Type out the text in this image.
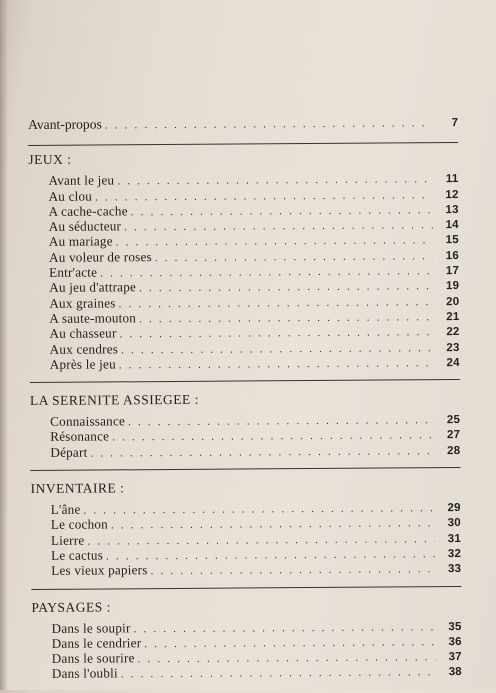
Avant-propos . . .	7
JEUX :
Avant le jeu . . .	11
Au clou . . .	12
A cache-cache . . .	13
Au séducteur . . .	14
Au mariage . . .	15
Au voleur de roses . . .	16
Entr'acte . . .	17
Au jeu d'attrape . . .	19
Aux graines . . .	20
A saute-mouton . . .	21
Au chasseur . . .	22
Aux cendres . . .	23
Après le jeu . . .	24
LA SERENITE ASSIEGEE :
Connaissance . . .	25
Résonance . . .	27
Départ . . .	28
INVENTAIRE :
L'âne . . .	29
Le cochon . . .	30
Lierre . . .	31
Le cactus . . .	32
Les vieux papiers . . .	33
PAYSAGES :
Dans le soupir . . .	35
Dans le cendrier . . .	36
Dans le sourire . . .	37
Dans l'oubli . . .	38
